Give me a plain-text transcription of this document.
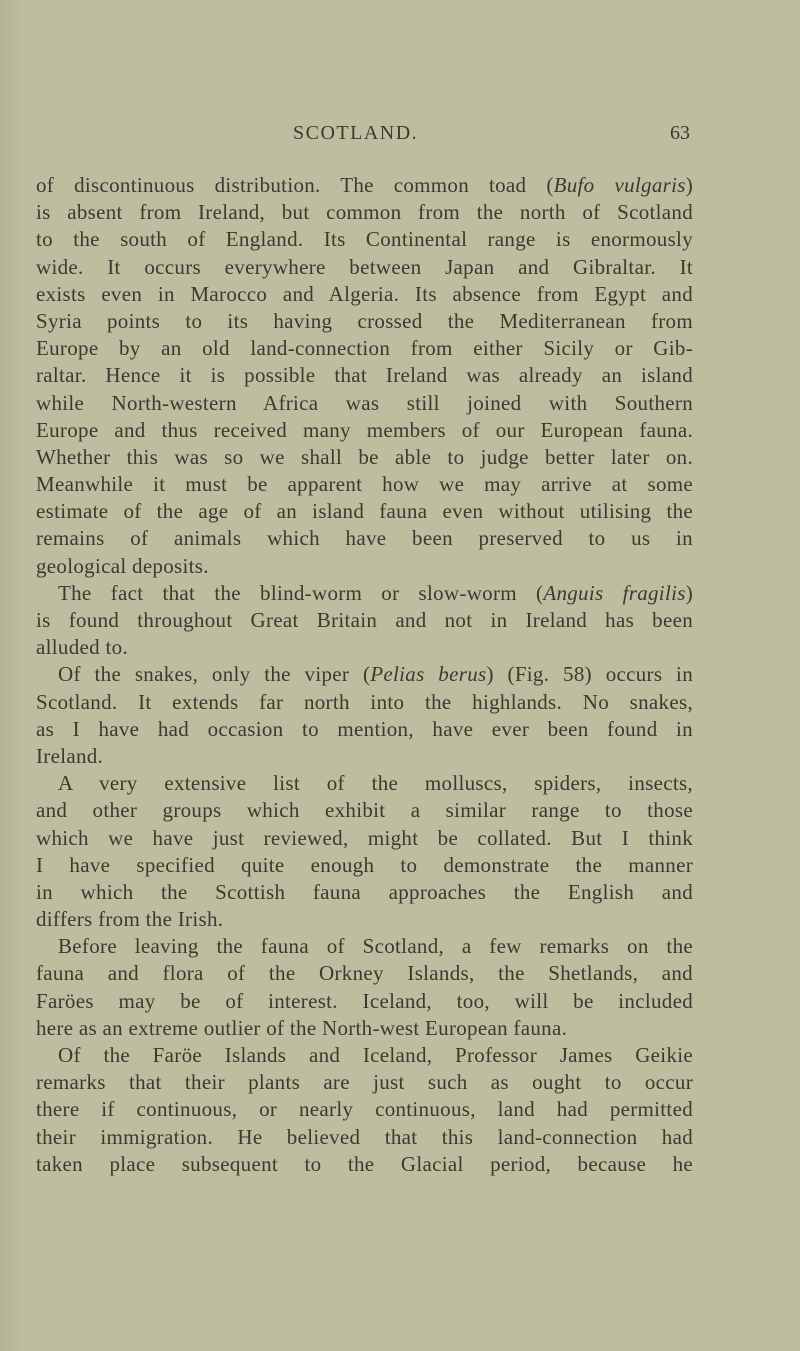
SCOTLAND.	63
of discontinuous distribution. The common toad (Bufo vulgaris)
is absent from Ireland, but common from the north of Scotland
to the south of England. Its Continental range is enormously
wide. It occurs everywhere between Japan and Gibraltar. It
exists even in Marocco and Algeria. Its absence from Egypt and
Syria points to its having crossed the Mediterranean from
Europe by an old land-connection from either Sicily or Gib-
raltar. Hence it is possible that Ireland was already an island
while North-western Africa was still joined with Southern
Europe and thus received many members of our European fauna.
Whether this was so we shall be able to judge better later on.
Meanwhile it must be apparent how we may arrive at some
estimate of the age of an island fauna even without utilising the
remains of animals which have been preserved to us in
geological deposits.
The fact that the blind-worm or slow-worm (Anguis fragilis)
is found throughout Great Britain and not in Ireland has been
alluded to.
Of the snakes, only the viper (Pelias berus) (Fig. 58) occurs in
Scotland. It extends far north into the highlands. No snakes,
as I have had occasion to mention, have ever been found in
Ireland.
A very extensive list of the molluscs, spiders, insects,
and other groups which exhibit a similar range to those
which we have just reviewed, might be collated. But I think
I have specified quite enough to demonstrate the manner
in which the Scottish fauna approaches the English and
differs from the Irish.
Before leaving the fauna of Scotland, a few remarks on the
fauna and flora of the Orkney Islands, the Shetlands, and
Faröes may be of interest. Iceland, too, will be included
here as an extreme outlier of the North-west European fauna.
Of the Faröe Islands and Iceland, Professor James Geikie
remarks that their plants are just such as ought to occur
there if continuous, or nearly continuous, land had permitted
their immigration. He believed that this land-connection had
taken place subsequent to the Glacial period, because he
